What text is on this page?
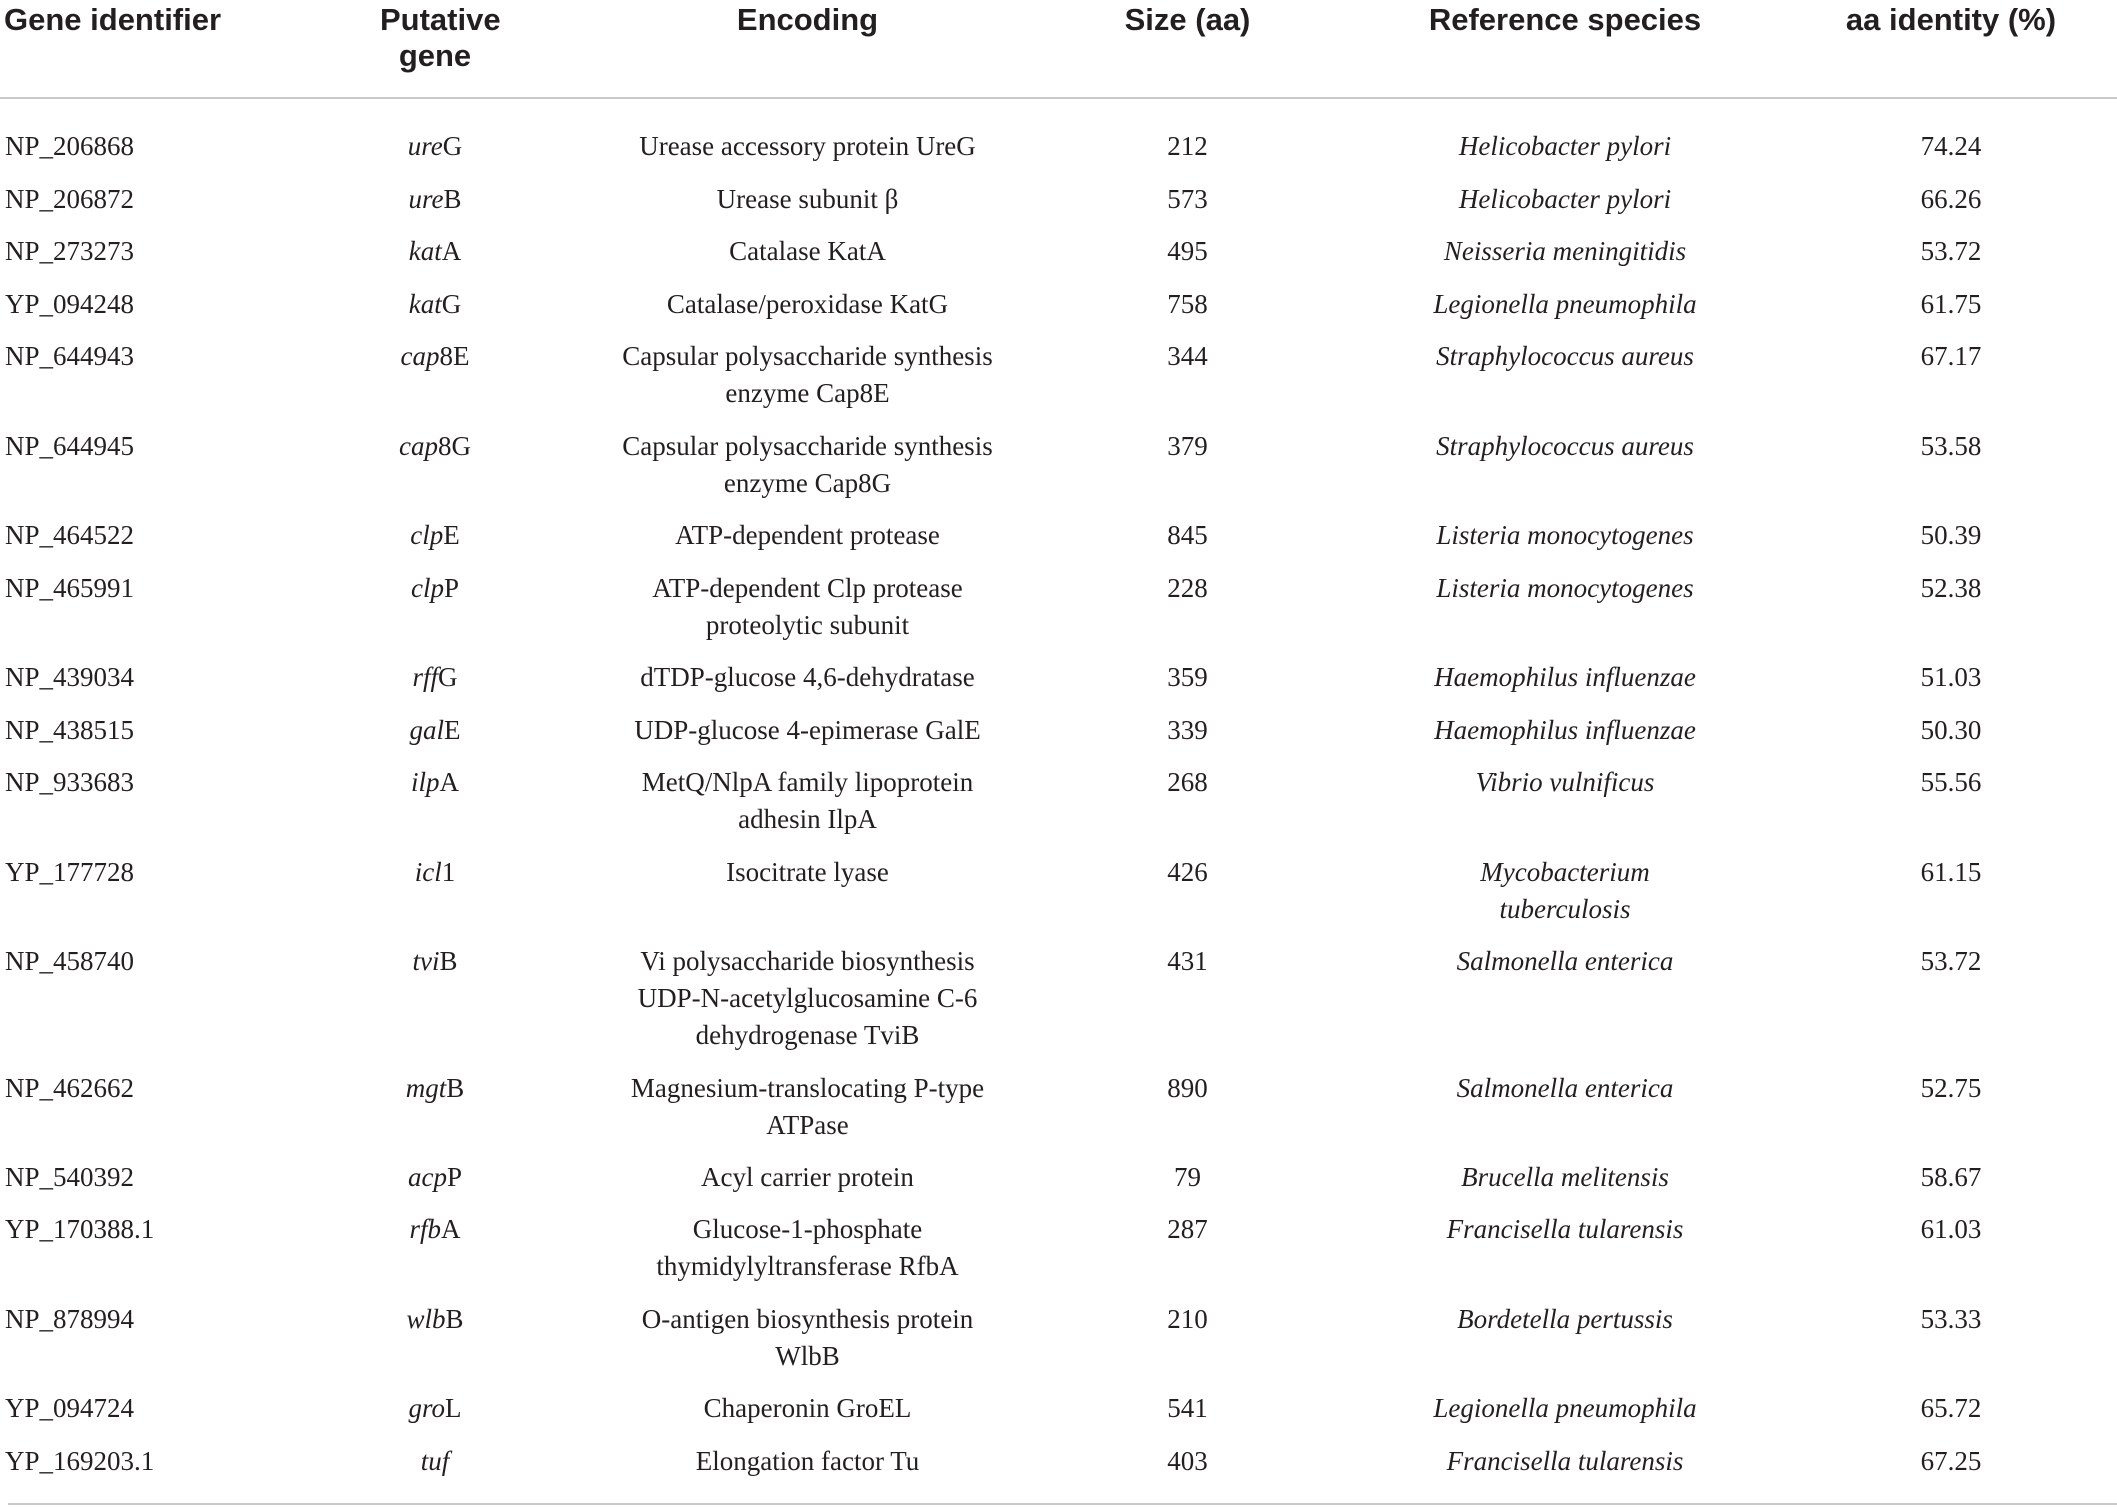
Gene identifier	Putative gene	Encoding	Size (aa)	Reference species	aa identity (%)
NP_206868	ureG	Urease accessory protein UreG	212	Helicobacter pylori	74.24
NP_206872	ureB	Urease subunit β	573	Helicobacter pylori	66.26
NP_273273	katA	Catalase KatA	495	Neisseria meningitidis	53.72
YP_094248	katG	Catalase/peroxidase KatG	758	Legionella pneumophila	61.75
NP_644943	cap8E	Capsular polysaccharide synthesis enzyme Cap8E	344	Straphylococcus aureus	67.17
NP_644945	cap8G	Capsular polysaccharide synthesis enzyme Cap8G	379	Straphylococcus aureus	53.58
NP_464522	clpE	ATP-dependent protease	845	Listeria monocytogenes	50.39
NP_465991	clpP	ATP-dependent Clp protease proteolytic subunit	228	Listeria monocytogenes	52.38
NP_439034	rffG	dTDP-glucose 4,6-dehydratase	359	Haemophilus influenzae	51.03
NP_438515	galE	UDP-glucose 4-epimerase GalE	339	Haemophilus influenzae	50.30
NP_933683	ilpA	MetQ/NlpA family lipoprotein adhesin IlpA	268	Vibrio vulnificus	55.56
YP_177728	icl1	Isocitrate lyase	426	Mycobacterium tuberculosis	61.15
NP_458740	tviB	Vi polysaccharide biosynthesis UDP-N-acetylglucosamine C-6 dehydrogenase TviB	431	Salmonella enterica	53.72
NP_462662	mgtB	Magnesium-translocating P-type ATPase	890	Salmonella enterica	52.75
NP_540392	acpP	Acyl carrier protein	79	Brucella melitensis	58.67
YP_170388.1	rfbA	Glucose-1-phosphate thymidylyltransferase RfbA	287	Francisella tularensis	61.03
NP_878994	wlbB	O-antigen biosynthesis protein WlbB	210	Bordetella pertussis	53.33
YP_094724	groL	Chaperonin GroEL	541	Legionella pneumophila	65.72
YP_169203.1	tuf	Elongation factor Tu	403	Francisella tularensis	67.25
